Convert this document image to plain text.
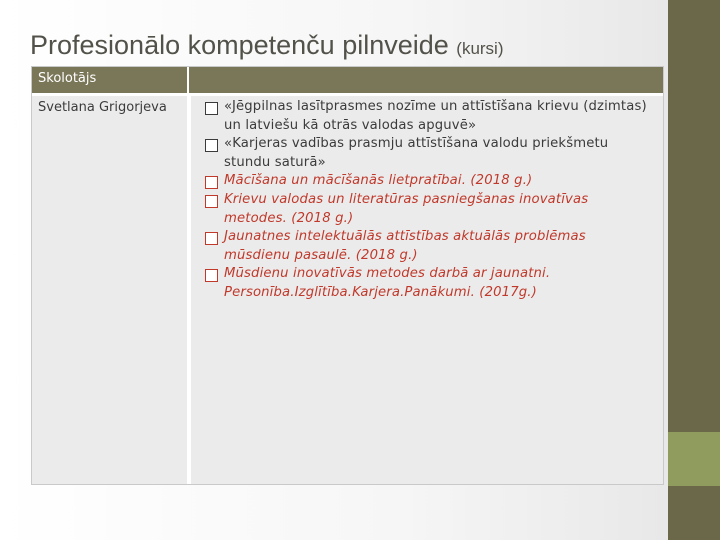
Profesionālo kompetenču pilnveide (kursi)
Skolotājs
Svetlana Grigorjeva	«Jēgpilnas lasītprasmes nozīme un attīstīšana krievu (dzimtas) un latviešu kā otrās valodas apguvē»
«Karjeras vadības prasmju attīstīšana valodu priekšmetu stundu saturā»
Mācīšana un mācīšanās lietpratībai. (2018 g.)
Krievu valodas un literatūras pasniegšanas inovatīvas metodes. (2018 g.)
Jaunatnes intelektuālās attīstības aktuālās problēmas mūsdienu pasaulē. (2018 g.)
Mūsdienu inovatīvās metodes darbā ar jaunatni. Personība.Izglītība.Karjera.Panākumi. (2017g.)
